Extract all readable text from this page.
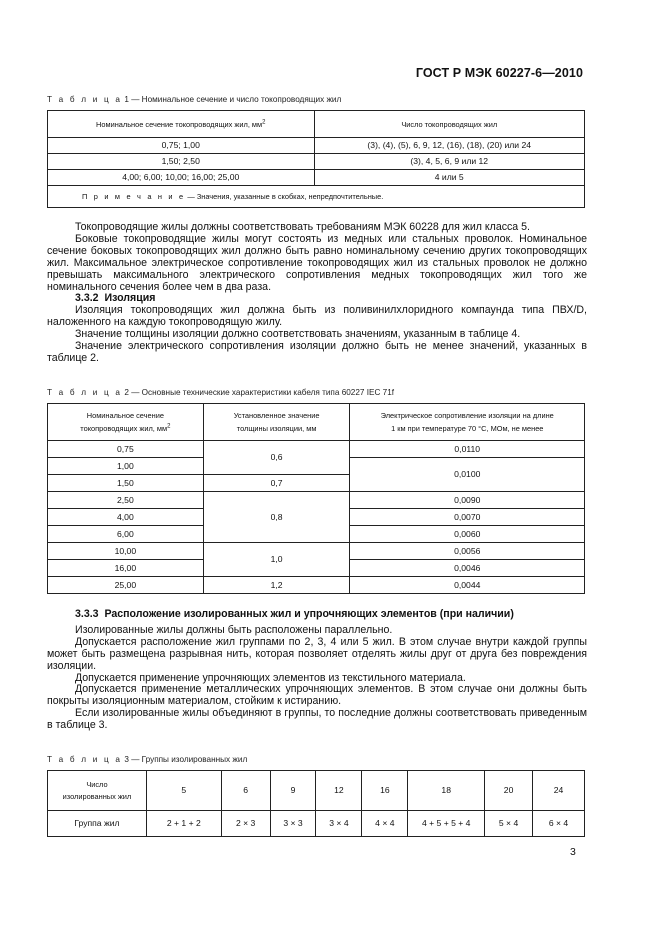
ГОСТ Р МЭК 60227-6—2010
Т а б л и ц а 1 — Номинальное сечение и число токопроводящих жил
Номинальное сечение токопроводящих жил, $мм^2$	Число токопроводящих жил
0,75; 1,00	(3), (4), (5), 6, 9, 12, (16), (18), (20) или 24
1,50; 2,50	(3), 4, 5, 6, 9 или 12
4,00; 6,00; 10,00; 16,00; 25,00	4 или 5
П р и м е ч а н и е — Значения, указанные в скобках, непредпочтительные.	

Токопроводящие жилы должны соответствовать требованиям МЭК 60228 для жил класса 5.

Боковые токопроводящие жилы могут состоять из медных или стальных проволок. Номинальное сечение боковых токопроводящих жил должно быть равно номинальному сечению других токопроводящих жил. Максимальное электрическое сопротивление токопроводящих жил из стальных проволок не должно превышать максимального электрического сопротивления медных токопроводящих жил того же номинального сечения более чем в два раза.

3.3.2 Изоляция

Изоляция токопроводящих жил должна быть из поливинилхлоридного компаунда типа ПВХ/D, наложенного на каждую токопроводящую жилу.

Значение толщины изоляции должно соответствовать значениям, указанным в таблице 4.

Значение электрического сопротивления изоляции должно быть не менее значений, указанных в таблице 2.

Т а б л и ц а 2 — Основные технические характеристики кабеля типа 60227 IEC 71f
Номинальное сечение
токопроводящих жил, $мм^2$	Установленное значение
толщины изоляции, мм	Электрическое сопротивление изоляции на длине
1 км при температуре 70 °С, МОм, не менее
0,75	0,6	0,0110
1,00		0,0100
1,50	0,7	
2,50	0,8	0,0090
4,00		0,0070
6,00		0,0060
10,00	1,0	0,0056
16,00		0,0046
25,00	1,2	0,0044

3.3.3 Расположение изолированных жил и упрочняющих элементов (при наличии)

Изолированные жилы должны быть расположены параллельно.

Допускается расположение жил группами по 2, 3, 4 или 5 жил. В этом случае внутри каждой группы может быть размещена разрывная нить, которая позволяет отделять жилы друг от друга без повреждения изоляции.

Допускается применение упрочняющих элементов из текстильного материала.

Допускается применение металлических упрочняющих элементов. В этом случае они должны быть покрыты изоляционным материалом, стойким к истиранию.

Если изолированные жилы объединяют в группы, то последние должны соответствовать приведенным в таблице 3.

Т а б л и ц а 3 — Группы изолированных жил
Число
изолированных жил	5	6	9	12	16	18	20	24
Группа жил	2 + 1 + 2	2 × 3	3 × 3	3 × 4	4 × 4	4 + 5 + 5 + 4	5 × 4	6 × 4
3
